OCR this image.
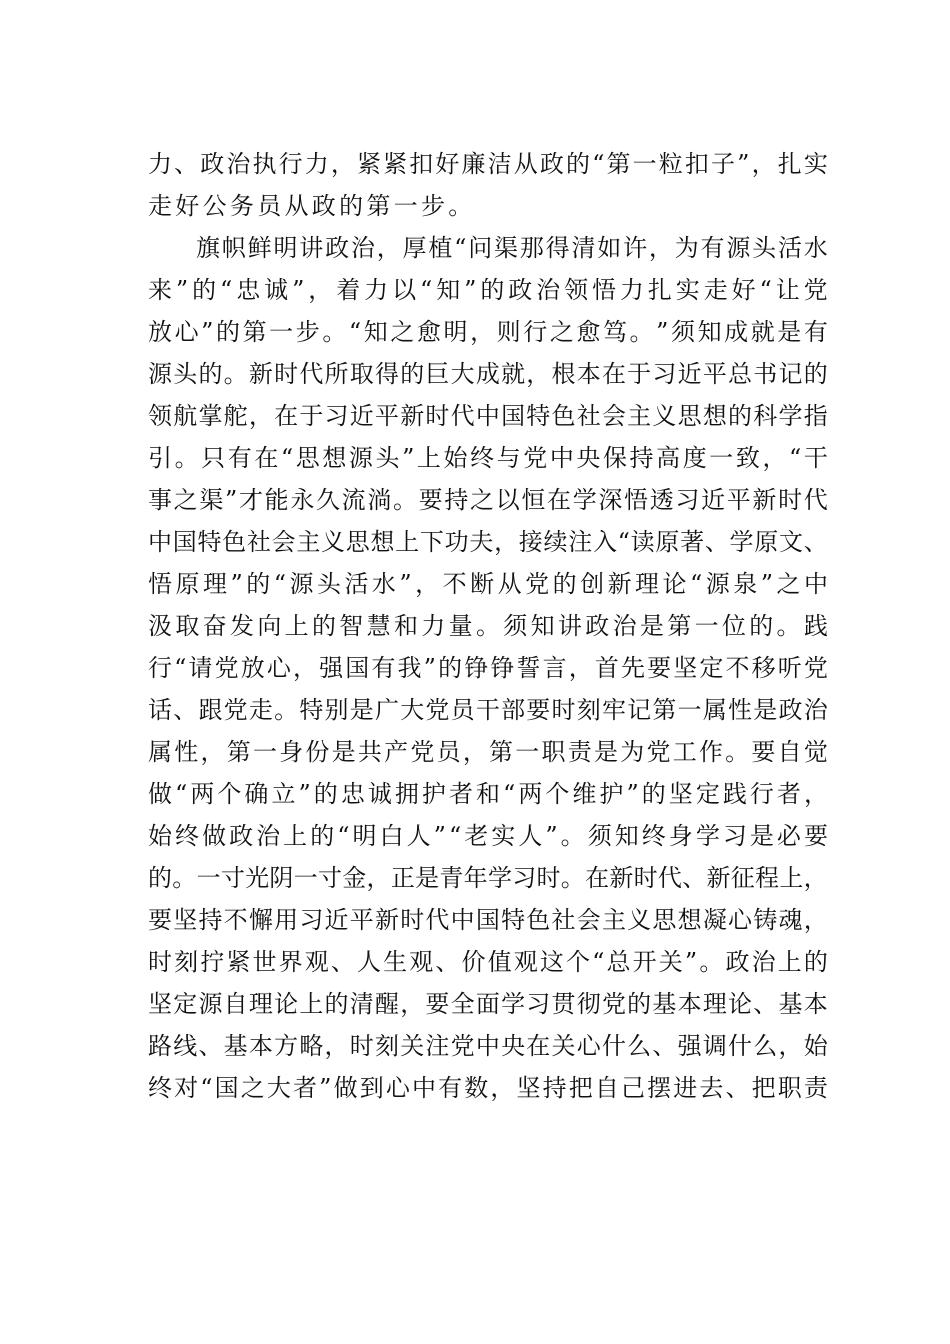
力 、 政 治 执 行 力 ， 紧 紧 扣 好 廉 洁 从 政 的 “ 第 一 粒 扣 子 ” ， 扎 实
走好公务员从政的第一步。
旗 帜 鲜 明 讲 政 治 ， 厚 植 “ 问 渠 那 得 清 如 许 ， 为 有 源 头 活 水
来 ” 的 “ 忠 诚 ” ， 着 力 以 “ 知 ” 的 政 治 领 悟 力 扎 实 走 好 “ 让 党
放 心 ” 的 第 一 步 。 “ 知 之 愈 明 ， 则 行 之 愈 笃 。 ” 须 知 成 就 是 有
源 头 的 。 新 时 代 所 取 得 的 巨 大 成 就 ， 根 本 在 于 习 近 平 总 书 记 的
领 航 掌 舵 ， 在 于 习 近 平 新 时 代 中 国 特 色 社 会 主 义 思 想 的 科 学 指
引 。 只 有 在 “ 思 想 源 头 ” 上 始 终 与 党 中 央 保 持 高 度 一 致 ， “ 干
事 之 渠 ” 才 能 永 久 流 淌 。 要 持 之 以 恒 在 学 深 悟 透 习 近 平 新 时 代
中 国 特 色 社 会 主 义 思 想 上 下 功 夫 ， 接 续 注 入 “ 读 原 著 、 学 原 文 、
悟 原 理 ” 的 “ 源 头 活 水 ” ， 不 断 从 党 的 创 新 理 论 “ 源 泉 ” 之 中
汲 取 奋 发 向 上 的 智 慧 和 力 量 。 须 知 讲 政 治 是 第 一 位 的 。 践
行 “ 请 党 放 心 ， 强 国 有 我 ” 的 铮 铮 誓 言 ， 首 先 要 坚 定 不 移 听 党
话 、 跟 党 走 。 特 别 是 广 大 党 员 干 部 要 时 刻 牢 记 第 一 属 性 是 政 治
属 性 ， 第 一 身 份 是 共 产 党 员 ， 第 一 职 责 是 为 党 工 作 。 要 自 觉
做 “ 两 个 确 立 ” 的 忠 诚 拥 护 者 和 “ 两 个 维 护 ” 的 坚 定 践 行 者 ，
始 终 做 政 治 上 的 “ 明 白 人 ” “ 老 实 人 ” 。 须 知 终 身 学 习 是 必 要
的 。 一 寸 光 阴 一 寸 金 ， 正 是 青 年 学 习 时 。 在 新 时 代 、 新 征 程 上 ，
要 坚 持 不 懈 用 习 近 平 新 时 代 中 国 特 色 社 会 主 义 思 想 凝 心 铸 魂 ，
时 刻 拧 紧 世 界 观 、 人 生 观 、 价 值 观 这 个 “ 总 开 关 ” 。 政 治 上 的
坚 定 源 自 理 论 上 的 清 醒 ， 要 全 面 学 习 贯 彻 党 的 基 本 理 论 、 基 本
路 线 、 基 本 方 略 ， 时 刻 关 注 党 中 央 在 关 心 什 么 、 强 调 什 么 ， 始
终 对 “ 国 之 大 者 ” 做 到 心 中 有 数 ， 坚 持 把 自 己 摆 进 去 、 把 职 责
